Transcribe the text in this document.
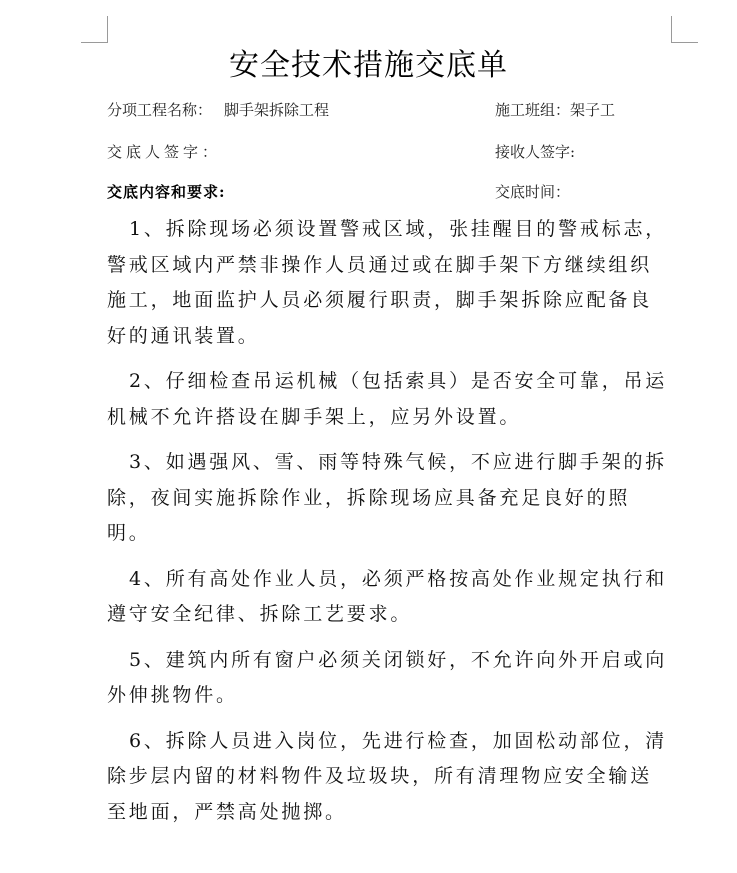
安全技术措施交底单
分项工程名称： 脚手架拆除工程	施工班组：架子工
交底人签字：	接收人签字:
交底内容和要求:	交底时间：

1、拆除现场必须设置警戒区域，张挂醒目的警戒标志，警戒区域内严禁非操作人员通过或在脚手架下方继续组织施工，地面监护人员必须履行职责，脚手架拆除应配备良好的通讯装置。

2、仔细检查吊运机械（包括索具）是否安全可靠，吊运机械不允许搭设在脚手架上，应另外设置。

3、如遇强风、雪、雨等特殊气候，不应进行脚手架的拆除，夜间实施拆除作业，拆除现场应具备充足良好的照明。

4、所有高处作业人员，必须严格按高处作业规定执行和遵守安全纪律、拆除工艺要求。

5、建筑内所有窗户必须关闭锁好，不允许向外开启或向外伸挑物件。

6、拆除人员进入岗位，先进行检查，加固松动部位，清除步层内留的材料物件及垃圾块，所有清理物应安全输送至地面，严禁高处抛掷。
